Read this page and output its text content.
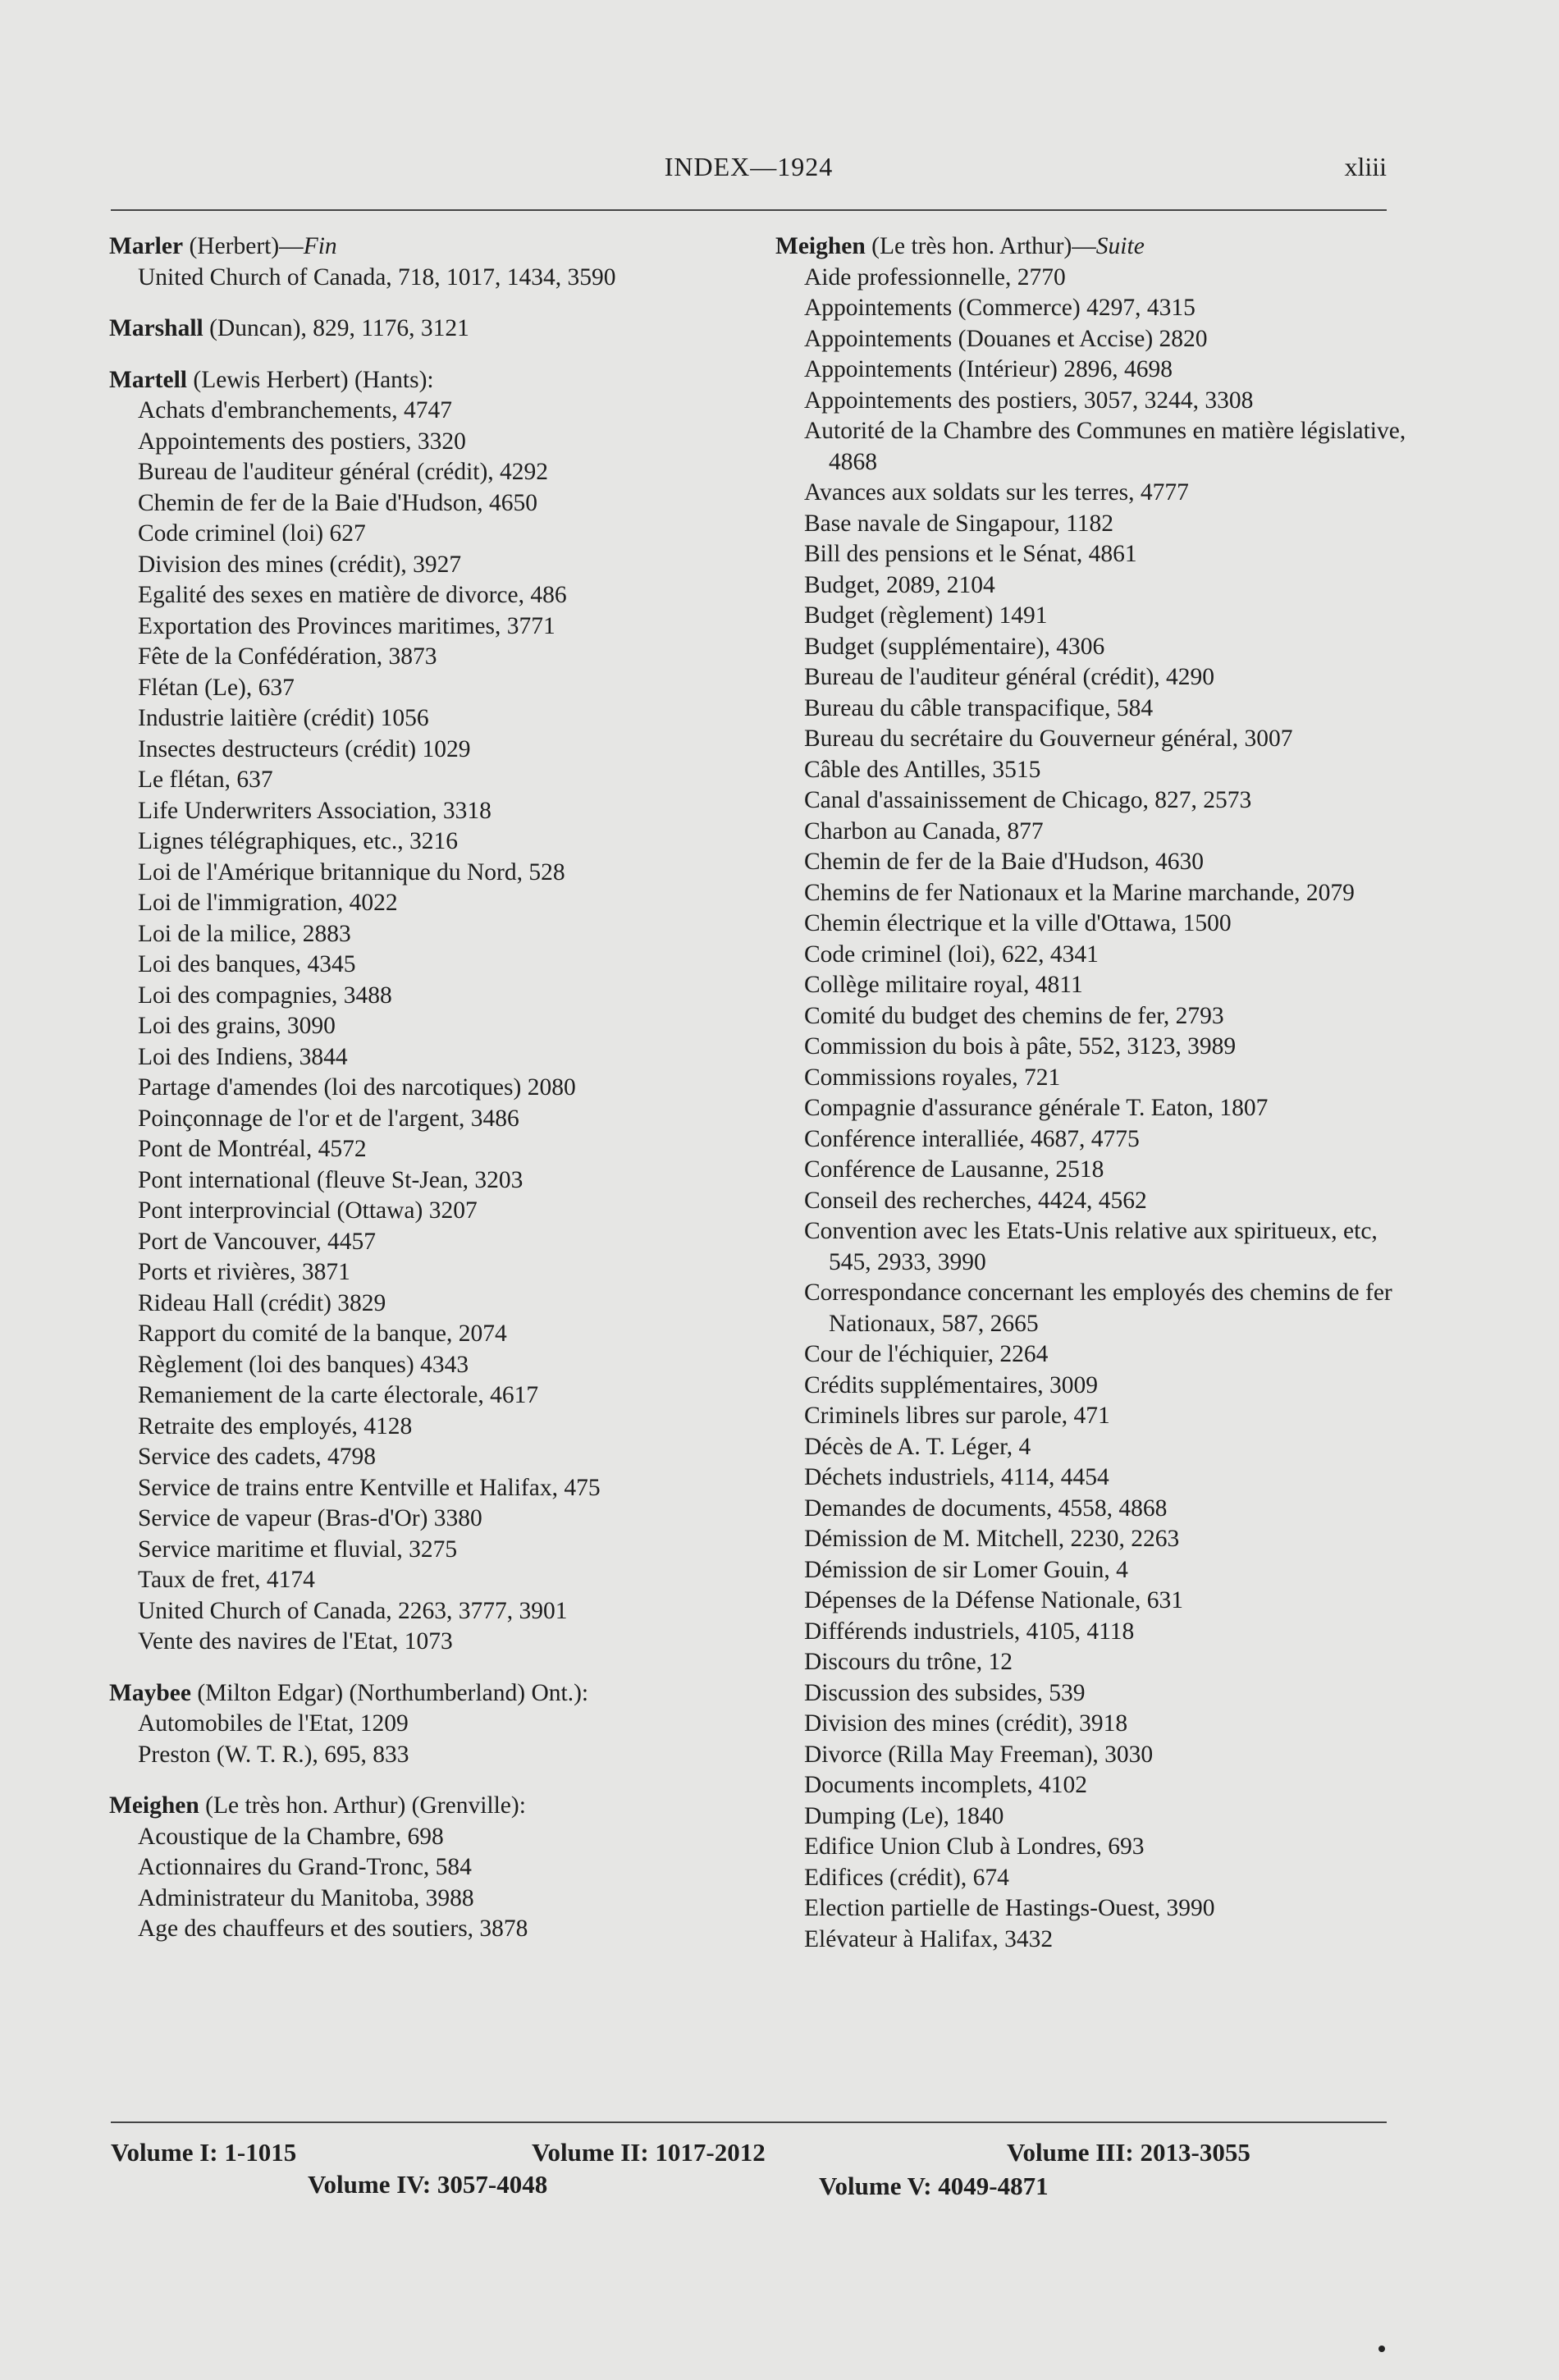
INDEX—1924	xliii
Marler (Herbert)—Fin
United Church of Canada, 718, 1017, 1434, 3590
Marshall (Duncan), 829, 1176, 3121
Martell (Lewis Herbert) (Hants):
Achats d'embranchements, 4747
Appointements des postiers, 3320
Bureau de l'auditeur général (crédit), 4292
Chemin de fer de la Baie d'Hudson, 4650
Code criminel (loi) 627
Division des mines (crédit), 3927
Egalité des sexes en matière de divorce, 486
Exportation des Provinces maritimes, 3771
Fête de la Confédération, 3873
Flétan (Le), 637
Industrie laitière (crédit) 1056
Insectes destructeurs (crédit) 1029
Le flétan, 637
Life Underwriters Association, 3318
Lignes télégraphiques, etc., 3216
Loi de l'Amérique britannique du Nord, 528
Loi de l'immigration, 4022
Loi de la milice, 2883
Loi des banques, 4345
Loi des compagnies, 3488
Loi des grains, 3090
Loi des Indiens, 3844
Partage d'amendes (loi des narcotiques) 2080
Poinçonnage de l'or et de l'argent, 3486
Pont de Montréal, 4572
Pont international (fleuve St-Jean, 3203
Pont interprovincial (Ottawa) 3207
Port de Vancouver, 4457
Ports et rivières, 3871
Rideau Hall (crédit) 3829
Rapport du comité de la banque, 2074
Règlement (loi des banques) 4343
Remaniement de la carte électorale, 4617
Retraite des employés, 4128
Service des cadets, 4798
Service de trains entre Kentville et Halifax, 475
Service de vapeur (Bras-d'Or) 3380
Service maritime et fluvial, 3275
Taux de fret, 4174
United Church of Canada, 2263, 3777, 3901
Vente des navires de l'Etat, 1073
Maybee (Milton Edgar) (Northumberland) Ont.):
Automobiles de l'Etat, 1209
Preston (W. T. R.), 695, 833
Meighen (Le très hon. Arthur) (Grenville):
Acoustique de la Chambre, 698
Actionnaires du Grand-Tronc, 584
Administrateur du Manitoba, 3988
Age des chauffeurs et des soutiers, 3878
Meighen (Le très hon. Arthur)—Suite
Aide professionnelle, 2770
Appointements (Commerce) 4297, 4315
Appointements (Douanes et Accise) 2820
Appointements (Intérieur) 2896, 4698
Appointements des postiers, 3057, 3244, 3308
Autorité de la Chambre des Communes en matière législative, 4868
Avances aux soldats sur les terres, 4777
Base navale de Singapour, 1182
Bill des pensions et le Sénat, 4861
Budget, 2089, 2104
Budget (règlement) 1491
Budget (supplémentaire), 4306
Bureau de l'auditeur général (crédit), 4290
Bureau du câble transpacifique, 584
Bureau du secrétaire du Gouverneur général, 3007
Câble des Antilles, 3515
Canal d'assainissement de Chicago, 827, 2573
Charbon au Canada, 877
Chemin de fer de la Baie d'Hudson, 4630
Chemins de fer Nationaux et la Marine marchande, 2079
Chemin électrique et la ville d'Ottawa, 1500
Code criminel (loi), 622, 4341
Collège militaire royal, 4811
Comité du budget des chemins de fer, 2793
Commission du bois à pâte, 552, 3123, 3989
Commissions royales, 721
Compagnie d'assurance générale T. Eaton, 1807
Conférence interalliée, 4687, 4775
Conférence de Lausanne, 2518
Conseil des recherches, 4424, 4562
Convention avec les Etats-Unis relative aux spiritueux, etc, 545, 2933, 3990
Correspondance concernant les employés des chemins de fer Nationaux, 587, 2665
Cour de l'échiquier, 2264
Crédits supplémentaires, 3009
Criminels libres sur parole, 471
Décès de A. T. Léger, 4
Déchets industriels, 4114, 4454
Demandes de documents, 4558, 4868
Démission de M. Mitchell, 2230, 2263
Démission de sir Lomer Gouin, 4
Dépenses de la Défense Nationale, 631
Différends industriels, 4105, 4118
Discours du trône, 12
Discussion des subsides, 539
Division des mines (crédit), 3918
Divorce (Rilla May Freeman), 3030
Documents incomplets, 4102
Dumping (Le), 1840
Edifice Union Club à Londres, 693
Edifices (crédit), 674
Election partielle de Hastings-Ouest, 3990
Elévateur à Halifax, 3432
Volume I: 1-1015	Volume II: 1017-2012	Volume III: 2013-3055
Volume IV: 3057-4048	Volume V: 4049-4871
